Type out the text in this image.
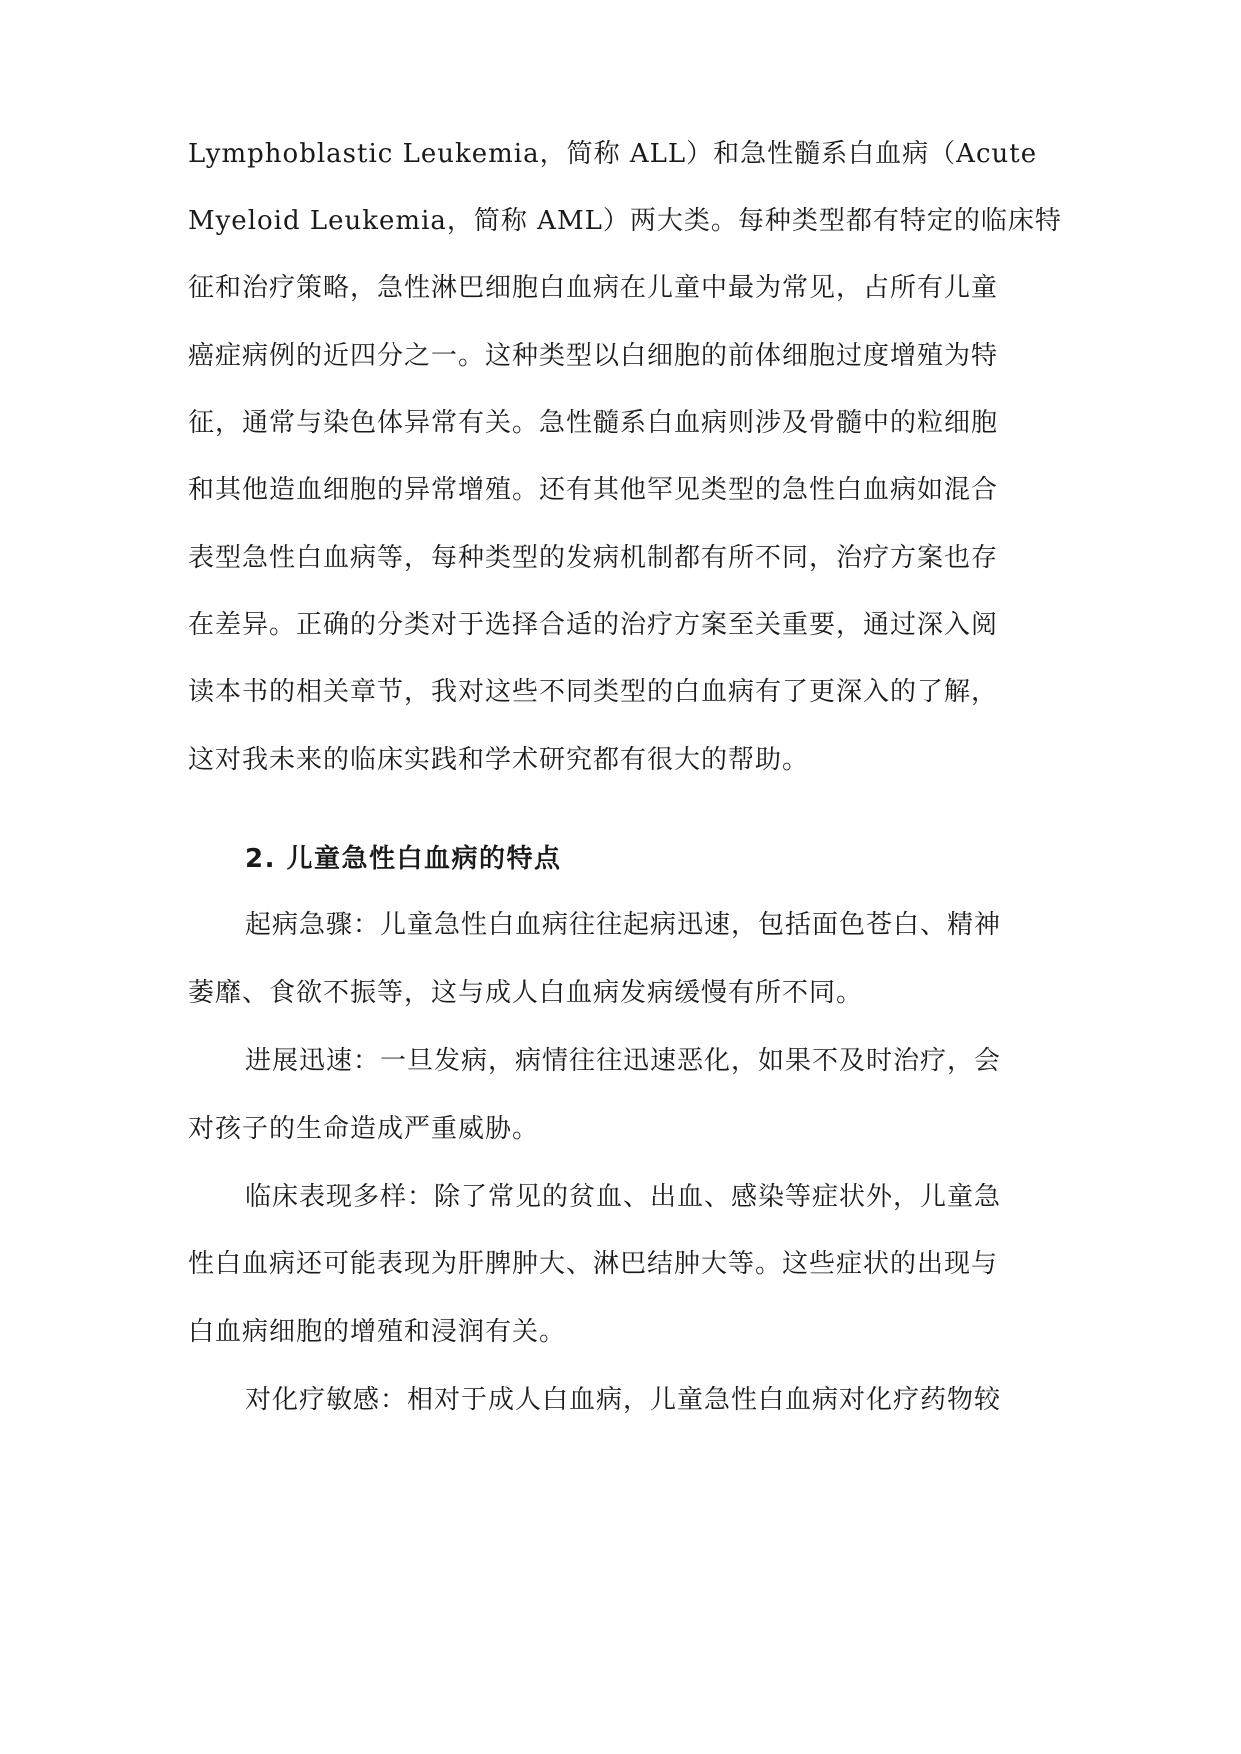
Lymphoblastic Leukemia，简称 ALL）和急性髓系白血病（Acute
Myeloid Leukemia，简称 AML）两大类。每种类型都有特定的临床特
征和治疗策略，急性淋巴细胞白血病在儿童中最为常见，占所有儿童
癌症病例的近四分之一。这种类型以白细胞的前体细胞过度增殖为特
征，通常与染色体异常有关。急性髓系白血病则涉及骨髓中的粒细胞
和其他造血细胞的异常增殖。还有其他罕见类型的急性白血病如混合
表型急性白血病等，每种类型的发病机制都有所不同，治疗方案也存
在差异。正确的分类对于选择合适的治疗方案至关重要，通过深入阅
读本书的相关章节，我对这些不同类型的白血病有了更深入的了解，
这对我未来的临床实践和学术研究都有很大的帮助。
2. 儿童急性白血病的特点
起病急骤：儿童急性白血病往往起病迅速，包括面色苍白、精神
萎靡、食欲不振等，这与成人白血病发病缓慢有所不同。
进展迅速：一旦发病，病情往往迅速恶化，如果不及时治疗，会
对孩子的生命造成严重威胁。
临床表现多样：除了常见的贫血、出血、感染等症状外，儿童急
性白血病还可能表现为肝脾肿大、淋巴结肿大等。这些症状的出现与
白血病细胞的增殖和浸润有关。
对化疗敏感：相对于成人白血病，儿童急性白血病对化疗药物较
